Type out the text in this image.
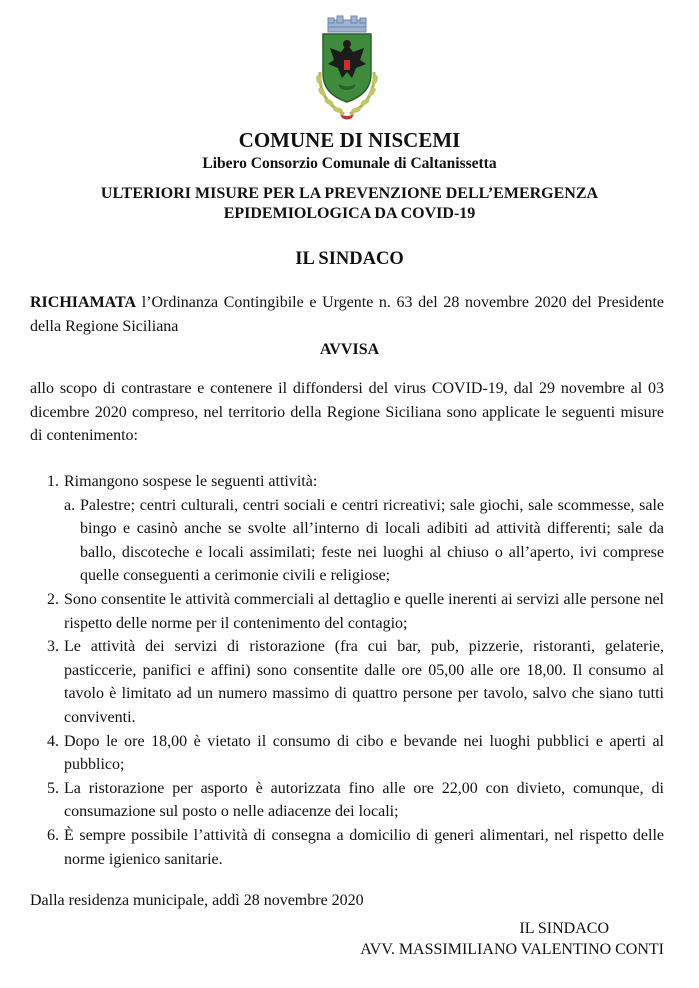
COMUNE DI NISCEMI
Libero Consorzio Comunale di Caltanissetta
ULTERIORI MISURE PER LA PREVENZIONE DELL’EMERGENZA
EPIDEMIOLOGICA DA COVID-19
IL SINDACO
RICHIAMATA l’Ordinanza Contingibile e Urgente n. 63 del 28 novembre 2020 del Presidente della Regione Siciliana
AVVISA
allo scopo di contrastare e contenere il diffondersi del virus COVID-19, dal 29 novembre al 03 dicembre 2020 compreso, nel territorio della Regione Siciliana sono applicate le seguenti misure di contenimento:
1. Rimangono sospese le seguenti attività:
a. Palestre; centri culturali, centri sociali e centri ricreativi; sale giochi, sale scommesse, sale bingo e casinò anche se svolte all’interno di locali adibiti ad attività differenti; sale da ballo, discoteche e locali assimilati; feste nei luoghi al chiuso o all’aperto, ivi comprese quelle conseguenti a cerimonie civili e religiose;
2. Sono consentite le attività commerciali al dettaglio e quelle inerenti ai servizi alle persone nel rispetto delle norme per il contenimento del contagio;
3. Le attività dei servizi di ristorazione (fra cui bar, pub, pizzerie, ristoranti, gelaterie, pasticcerie, panifici e affini) sono consentite dalle ore 05,00 alle ore 18,00. Il consumo al tavolo è limitato ad un numero massimo di quattro persone per tavolo, salvo che siano tutti conviventi.
4. Dopo le ore 18,00 è vietato il consumo di cibo e bevande nei luoghi pubblici e aperti al pubblico;
5. La ristorazione per asporto è autorizzata fino alle ore 22,00 con divieto, comunque, di consumazione sul posto o nelle adiacenze dei locali;
6. È sempre possibile l’attività di consegna a domicilio di generi alimentari, nel rispetto delle norme igienico sanitarie.
Dalla residenza municipale, addì 28 novembre 2020
IL SINDACO
AVV. MASSIMILIANO VALENTINO CONTI
